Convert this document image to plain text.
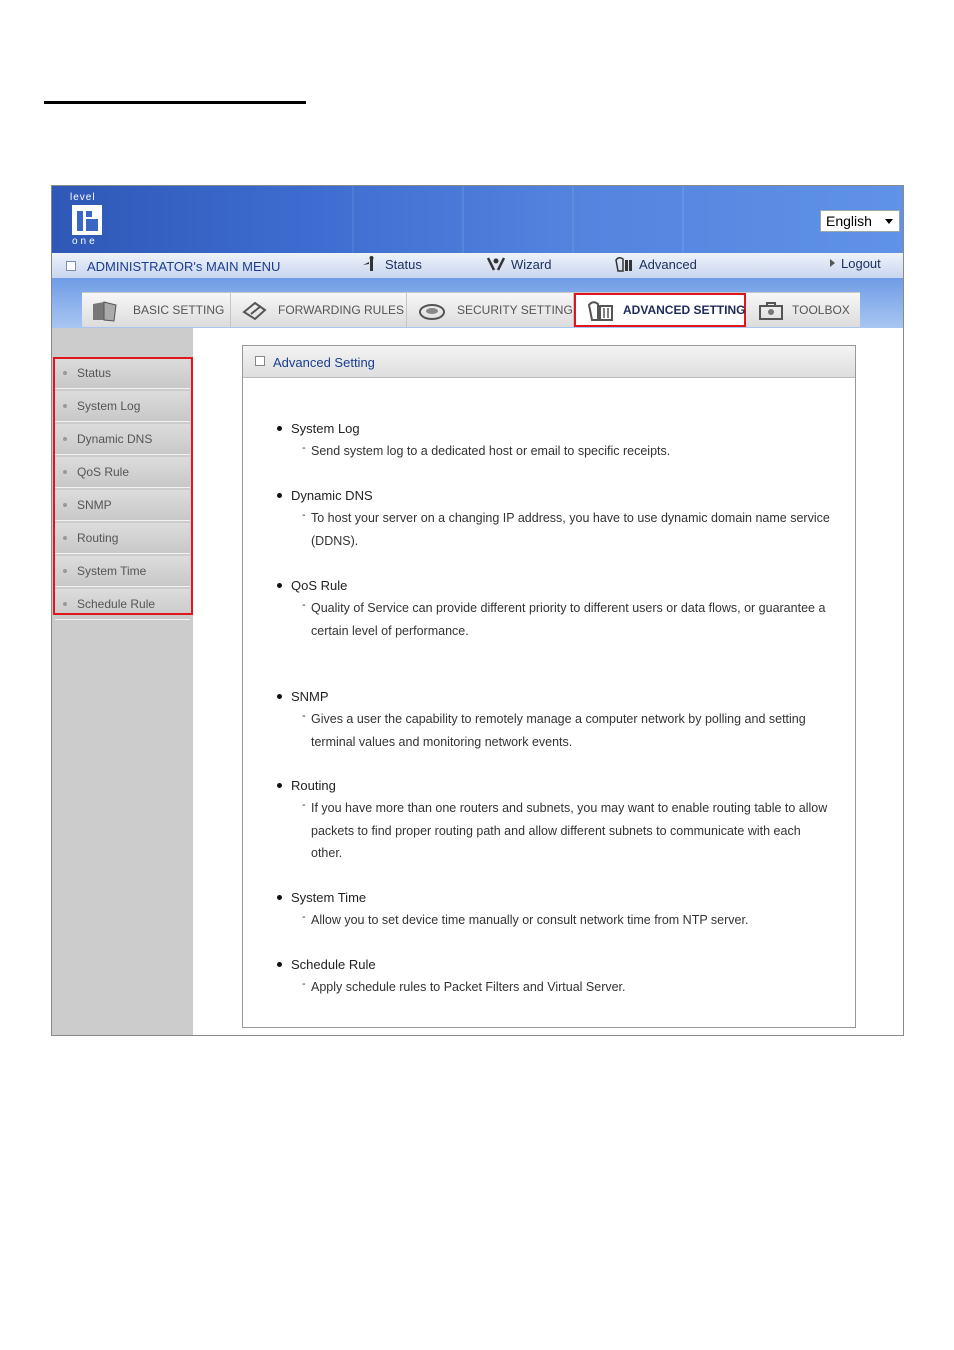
level
one
English
ADMINISTRATOR's MAIN MENU	Status	Wizard	Advanced	Logout
BASIC SETTING	FORWARDING RULES	SECURITY SETTING	ADVANCED SETTING	TOOLBOX
Status
System Log
Dynamic DNS
QoS Rule
SNMP
Routing
System Time
Schedule Rule
Advanced Setting
System Log
- Send system log to a dedicated host or email to specific receipts.
Dynamic DNS
- To host your server on a changing IP address, you have to use dynamic domain name service (DDNS).
QoS Rule
- Quality of Service can provide different priority to different users or data flows, or guarantee a certain level of performance.
SNMP
- Gives a user the capability to remotely manage a computer network by polling and setting terminal values and monitoring network events.
Routing
- If you have more than one routers and subnets, you may want to enable routing table to allow packets to find proper routing path and allow different subnets to communicate with each other.
System Time
- Allow you to set device time manually or consult network time from NTP server.
Schedule Rule
- Apply schedule rules to Packet Filters and Virtual Server.
